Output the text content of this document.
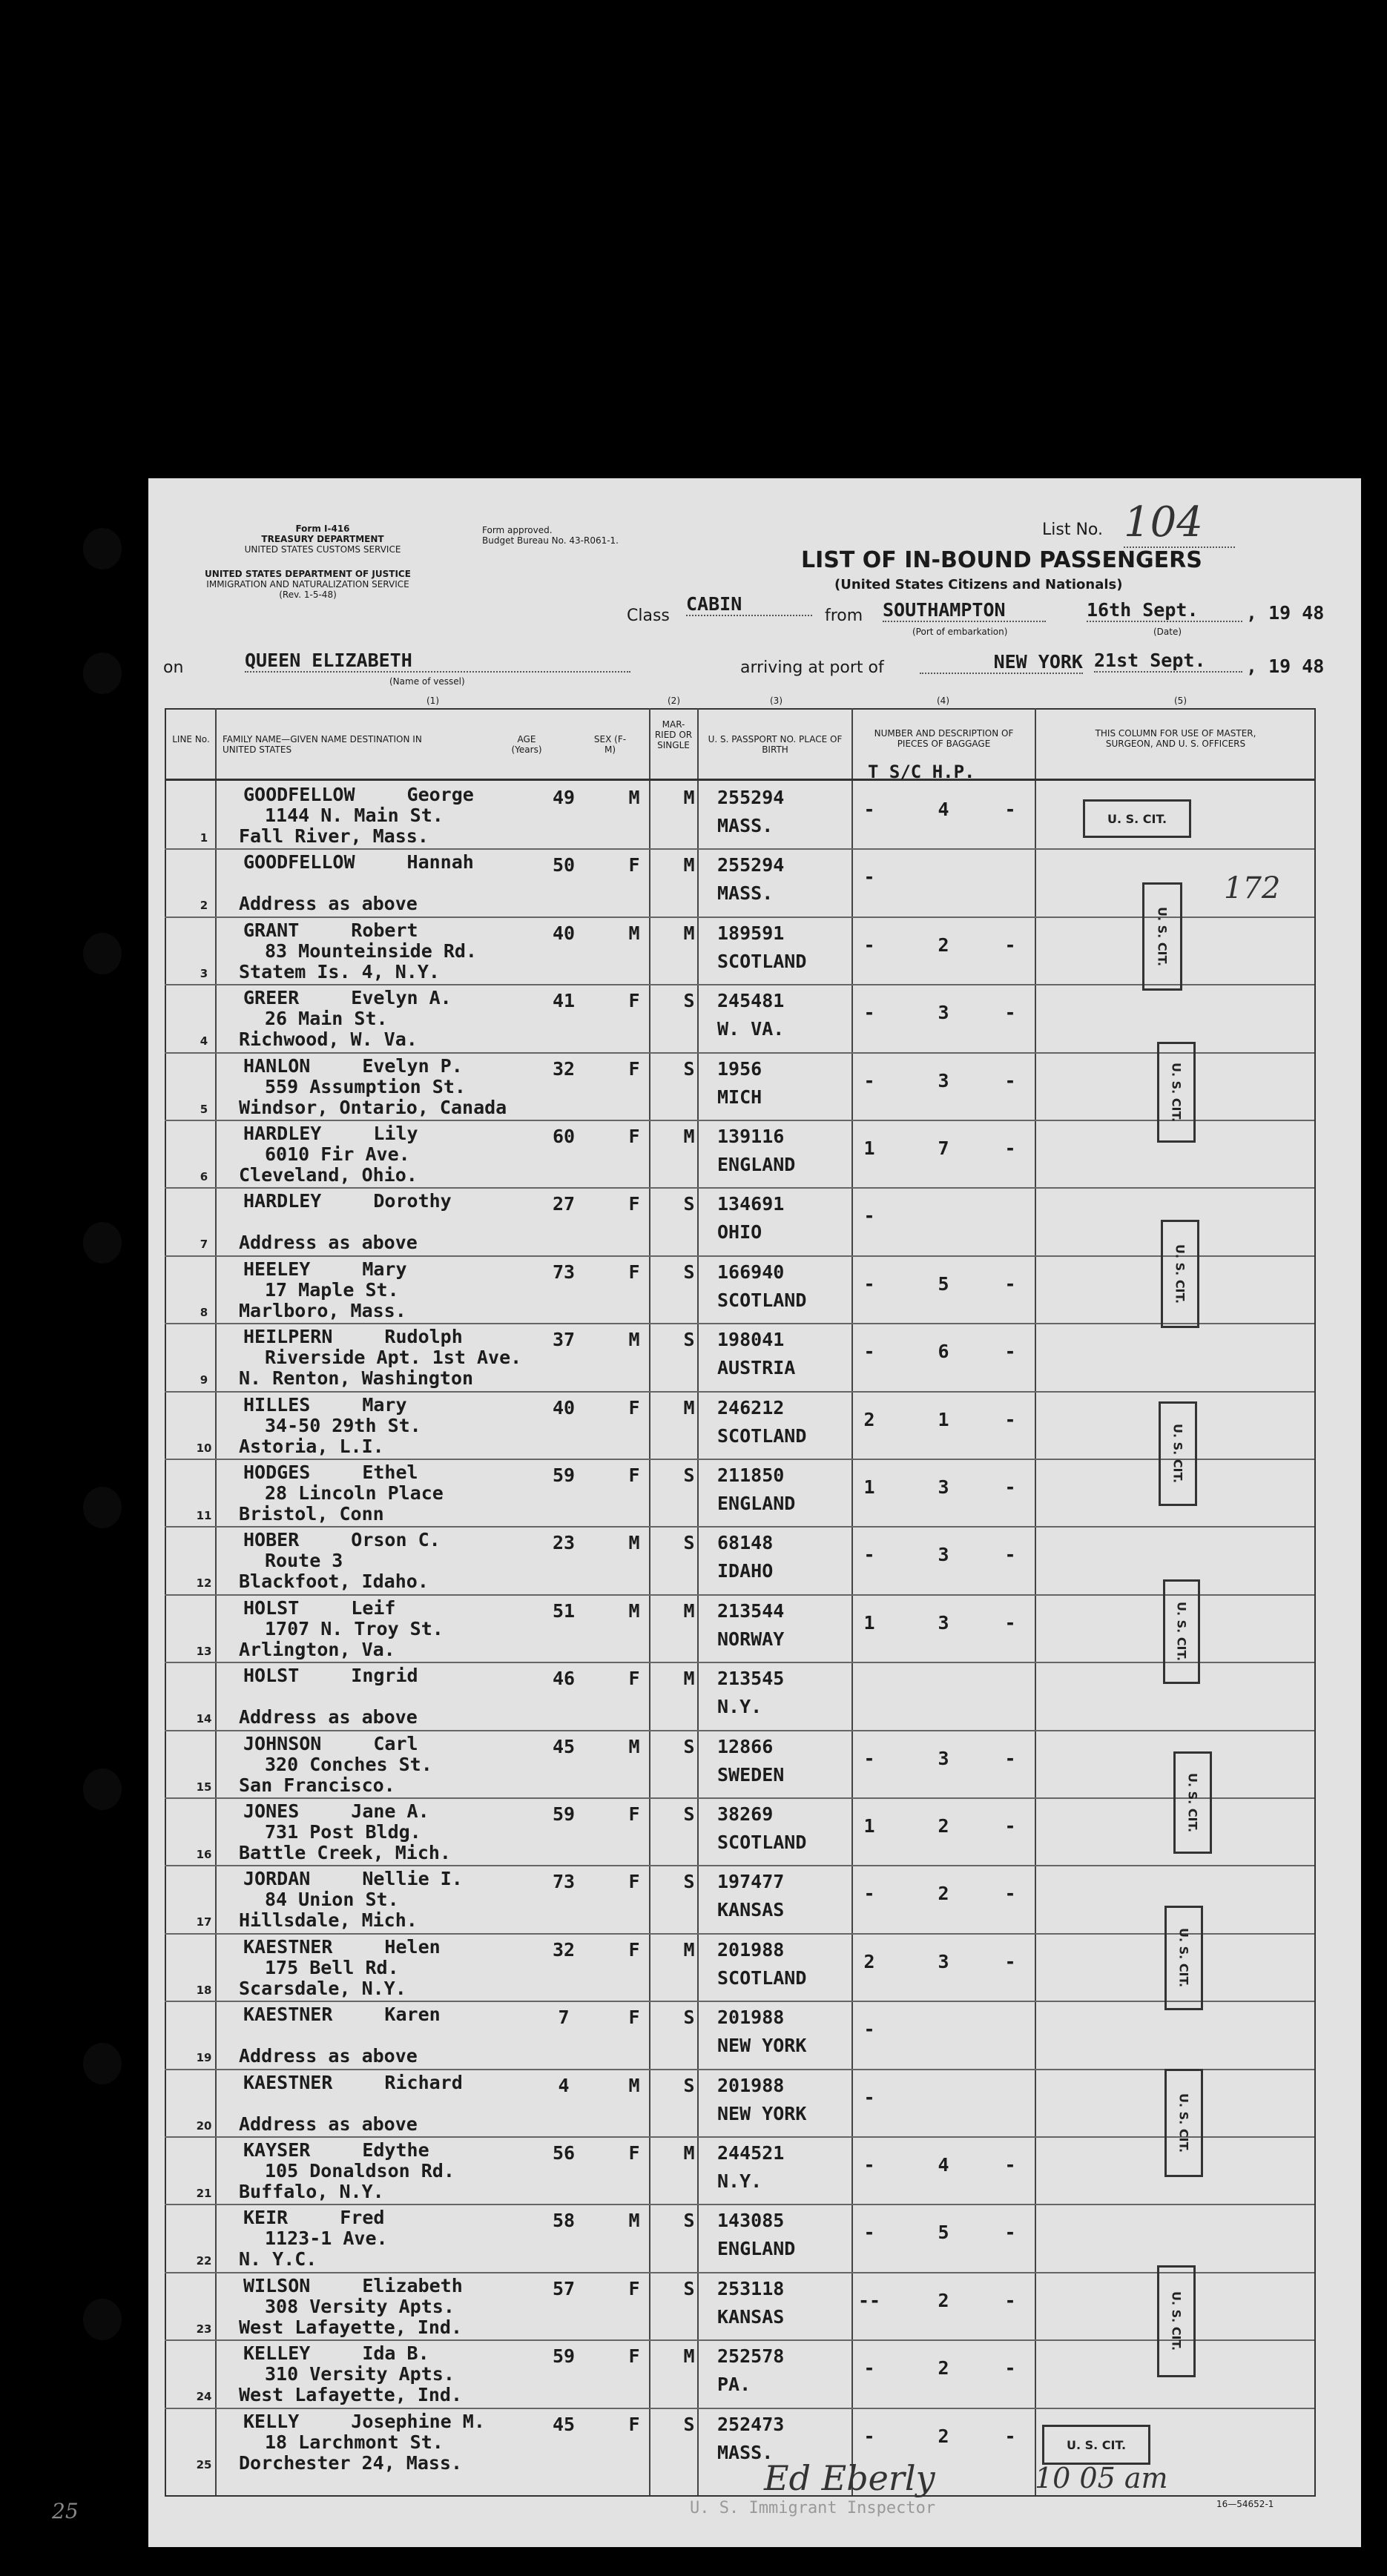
Form I-416
TREASURY DEPARTMENT
UNITED STATES CUSTOMS SERVICE
Form approved.
Budget Bureau No. 43-R061-1.
UNITED STATES DEPARTMENT OF JUSTICE
IMMIGRATION AND NATURALIZATION SERVICE
(Rev. 1-5-48)
List No. 104
LIST OF IN-BOUND PASSENGERS
(United States Citizens and Nationals)
Class
CABIN
from SOUTHAMPTON
(Port of embarkation)
16th Sept.
(Date)
, 19 48
on	QUEEN ELIZABETH
(Name of vessel)
arriving at port of	NEW YORK 21st Sept.	, 19 48
(1)	(2)	(3)	(4)	(5)
LINE No. FAMILY NAME—GIVEN NAME DESTINATION IN UNITED STATES
AGE (Years)
SEX (F-M)
MAR-RIED OR SINGLE
U. S. PASSPORT NO. PLACE OF BIRTH
NUMBER AND DESCRIPTION OF PIECES OF BAGGAGE
T S/C H.P.
THIS COLUMN FOR USE OF MASTER, SURGEON, AND U. S. OFFICERS
1
GOODFELLOW	George
1144 N. Main St.
Fall River, Mass.
49	M	M	255294
MASS.
-	4	-
2
GOODFELLOW	Hannah
Address as above
50	F	M	255294
MASS.
-
3
GRANT	Robert
83 Mounteinside Rd.
Statem Is. 4, N.Y.
40	M	M	189591
SCOTLAND
-	2	-
4
GREER	Evelyn A.
26 Main St.
Richwood, W. Va.
41	F	S	245481
W. VA.
-	3	-
5
HANLON	Evelyn P.
559 Assumption St.
Windsor, Ontario, Canada
32	F	S	1956
MICH
-	3	-
6
HARDLEY	Lily
6010 Fir Ave.
Cleveland, Ohio.
60	F	M	139116
ENGLAND
1	7	-
7
HARDLEY	Dorothy
Address as above
27	F	S	134691
OHIO
-
8
HEELEY	Mary
17 Maple St.
Marlboro, Mass.
73	F	S	166940
SCOTLAND
-	5	-
9
HEILPERN	Rudolph
Riverside Apt. 1st Ave.
N. Renton, Washington
37	M	S	198041
AUSTRIA
-	6	-
10
HILLES	Mary
34-50 29th St.
Astoria, L.I.
40	F	M	246212
SCOTLAND
2	1	-
11
HODGES	Ethel
28 Lincoln Place
Bristol, Conn
59	F	S	211850
ENGLAND
1	3	-
12
HOBER	Orson C.
Route 3
Blackfoot, Idaho.
23	M	S	68148
IDAHO
-	3	-
13
HOLST	Leif
1707 N. Troy St.
Arlington, Va.
51	M	M	213544
NORWAY
1	3	-
14
HOLST	Ingrid
Address as above
46	F	M	213545
N.Y.
15
JOHNSON	Carl
320 Conches St.
San Francisco.
45	M	S	12866
SWEDEN
-	3	-
16
JONES	Jane A.
731 Post Bldg.
Battle Creek, Mich.
59	F	S	38269
SCOTLAND
1	2	-
17
JORDAN	Nellie I.
84 Union St.
Hillsdale, Mich.
73	F	S	197477
KANSAS
-	2	-
18
KAESTNER	Helen
175 Bell Rd.
Scarsdale, N.Y.
32	F	M	201988
SCOTLAND
2	3	-
19
KAESTNER	Karen
Address as above
7	F	S	201988
NEW YORK
-
20
KAESTNER	Richard
Address as above
4	M	S	201988
NEW YORK
-
21
KAYSER	Edythe
105 Donaldson Rd.
Buffalo, N.Y.
56	F	M	244521
N.Y.
-	4	-
22
KEIR	Fred
1123-1 Ave.
N. Y.C.
58	M	S	143085
ENGLAND
-	5	-
23
WILSON	Elizabeth
308 Versity Apts.
West Lafayette, Ind.
57	F	S	253118
KANSAS
--	2	-
24
KELLEY	Ida B.
310 Versity Apts.
West Lafayette, Ind.
59	F	M	252578
PA.
-	2	-
25
KELLY	Josephine M.
18 Larchmont St.
Dorchester 24, Mass.
45	F	S	252473
MASS.
-	2	-
U. S. CIT.
U. S. CIT.
172
U. S. CIT.
U. S. CIT.
U. S. CIT.
U. S. CIT.
U. S. CIT.
U. S. CIT.
U. S. CIT.
U. S. CIT.
U. S. CIT.
Ed Eberly
U. S. Immigrant Inspector
10 05 am
16—54652-1
25
